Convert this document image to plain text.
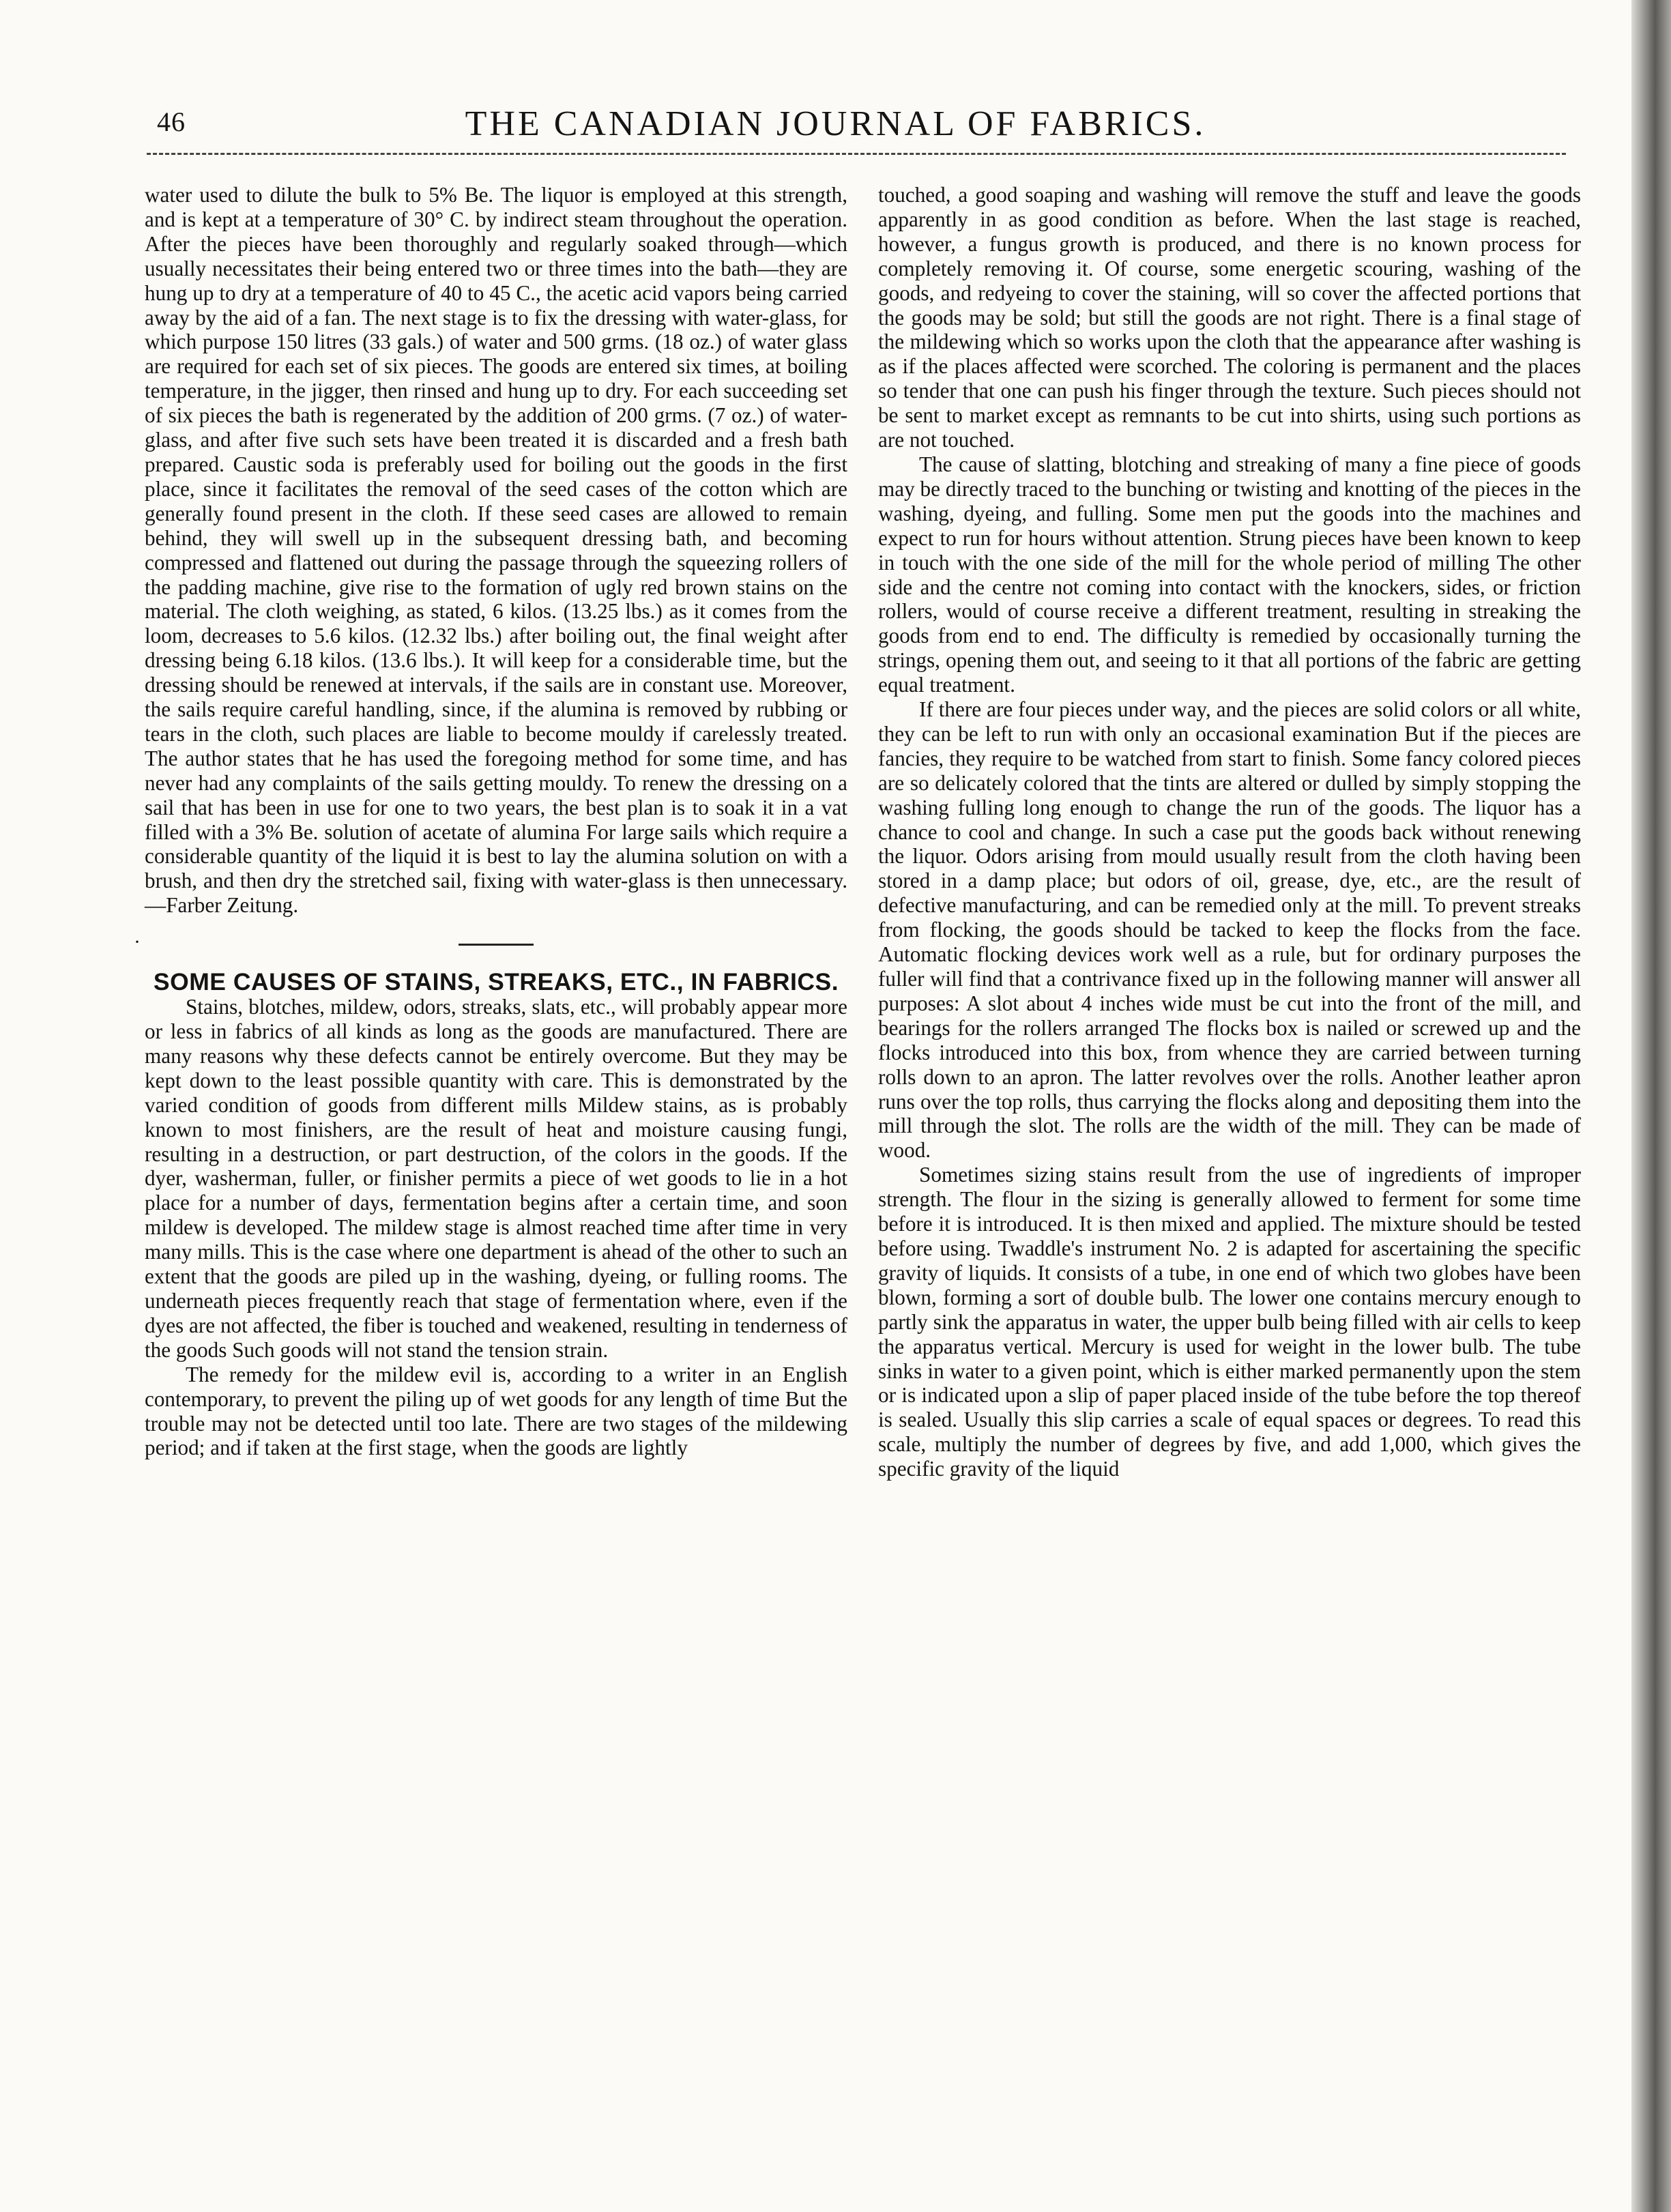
46	THE CANADIAN JOURNAL OF FABRICS.
·

water used to dilute the bulk to 5% Be. The liquor is employed at this strength, and is kept at a temperature of 30° C. by indirect steam throughout the operation. After the pieces have been thoroughly and regularly soaked through—which usually necessitates their being entered two or three times into the bath—they are hung up to dry at a temperature of 40 to 45 C., the acetic acid vapors being carried away by the aid of a fan. The next stage is to fix the dressing with water-glass, for which purpose 150 litres (33 gals.) of water and 500 grms. (18 oz.) of water glass are required for each set of six pieces. The goods are entered six times, at boiling temperature, in the jigger, then rinsed and hung up to dry. For each succeeding set of six pieces the bath is regenerated by the addition of 200 grms. (7 oz.) of water-glass, and after five such sets have been treated it is discarded and a fresh bath prepared. Caustic soda is preferably used for boiling out the goods in the first place, since it facilitates the removal of the seed cases of the cotton which are generally found present in the cloth. If these seed cases are allowed to remain behind, they will swell up in the subsequent dressing bath, and becoming compressed and flattened out during the passage through the squeezing rollers of the padding machine, give rise to the formation of ugly red brown stains on the material. The cloth weighing, as stated, 6 kilos. (13.25 lbs.) as it comes from the loom, decreases to 5.6 kilos. (12.32 lbs.) after boiling out, the final weight after dressing being 6.18 kilos. (13.6 lbs.). It will keep for a considerable time, but the dressing should be renewed at intervals, if the sails are in constant use. Moreover, the sails require careful handling, since, if the alumina is removed by rubbing or tears in the cloth, such places are liable to become mouldy if carelessly treated. The author states that he has used the foregoing method for some time, and has never had any complaints of the sails getting mouldy. To renew the dressing on a sail that has been in use for one to two years, the best plan is to soak it in a vat filled with a 3% Be. solution of acetate of alumina For large sails which require a considerable quantity of the liquid it is best to lay the alumina solution on with a brush, and then dry the stretched sail, fixing with water-glass is then unnecessary.—Farber Zeitung.

SOME CAUSES OF STAINS, STREAKS, ETC., IN FABRICS.

Stains, blotches, mildew, odors, streaks, slats, etc., will probably appear more or less in fabrics of all kinds as long as the goods are manufactured. There are many reasons why these defects cannot be entirely overcome. But they may be kept down to the least possible quantity with care. This is demonstrated by the varied condition of goods from different mills Mildew stains, as is probably known to most finishers, are the result of heat and moisture causing fungi, resulting in a destruction, or part destruction, of the colors in the goods. If the dyer, washerman, fuller, or finisher permits a piece of wet goods to lie in a hot place for a number of days, fermentation begins after a certain time, and soon mildew is developed. The mildew stage is almost reached time after time in very many mills. This is the case where one department is ahead of the other to such an extent that the goods are piled up in the washing, dyeing, or fulling rooms. The underneath pieces frequently reach that stage of fermentation where, even if the dyes are not affected, the fiber is touched and weakened, resulting in tenderness of the goods Such goods will not stand the tension strain.

The remedy for the mildew evil is, according to a writer in an English contemporary, to prevent the piling up of wet goods for any length of time But the trouble may not be detected until too late. There are two stages of the mildewing period; and if taken at the first stage, when the goods are lightly

touched, a good soaping and washing will remove the stuff and leave the goods apparently in as good condition as before. When the last stage is reached, however, a fungus growth is produced, and there is no known process for completely removing it. Of course, some energetic scouring, washing of the goods, and redyeing to cover the staining, will so cover the affected portions that the goods may be sold; but still the goods are not right. There is a final stage of the mildewing which so works upon the cloth that the appearance after washing is as if the places affected were scorched. The coloring is permanent and the places so tender that one can push his finger through the texture. Such pieces should not be sent to market except as remnants to be cut into shirts, using such portions as are not touched.

The cause of slatting, blotching and streaking of many a fine piece of goods may be directly traced to the bunching or twisting and knotting of the pieces in the washing, dyeing, and fulling. Some men put the goods into the machines and expect to run for hours without attention. Strung pieces have been known to keep in touch with the one side of the mill for the whole period of milling The other side and the centre not coming into contact with the knockers, sides, or friction rollers, would of course receive a different treatment, resulting in streaking the goods from end to end. The difficulty is remedied by occasionally turning the strings, opening them out, and seeing to it that all portions of the fabric are getting equal treatment.

If there are four pieces under way, and the pieces are solid colors or all white, they can be left to run with only an occasional examination But if the pieces are fancies, they require to be watched from start to finish. Some fancy colored pieces are so delicately colored that the tints are altered or dulled by simply stopping the washing fulling long enough to change the run of the goods. The liquor has a chance to cool and change. In such a case put the goods back without renewing the liquor. Odors arising from mould usually result from the cloth having been stored in a damp place; but odors of oil, grease, dye, etc., are the result of defective manufacturing, and can be remedied only at the mill. To prevent streaks from flocking, the goods should be tacked to keep the flocks from the face. Automatic flocking devices work well as a rule, but for ordinary purposes the fuller will find that a contrivance fixed up in the following manner will answer all purposes: A slot about 4 inches wide must be cut into the front of the mill, and bearings for the rollers arranged The flocks box is nailed or screwed up and the flocks introduced into this box, from whence they are carried between turning rolls down to an apron. The latter revolves over the rolls. Another leather apron runs over the top rolls, thus carrying the flocks along and depositing them into the mill through the slot. The rolls are the width of the mill. They can be made of wood.

Sometimes sizing stains result from the use of ingredients of improper strength. The flour in the sizing is generally allowed to ferment for some time before it is introduced. It is then mixed and applied. The mixture should be tested before using. Twaddle's instrument No. 2 is adapted for ascertaining the specific gravity of liquids. It consists of a tube, in one end of which two globes have been blown, forming a sort of double bulb. The lower one contains mercury enough to partly sink the apparatus in water, the upper bulb being filled with air cells to keep the apparatus vertical. Mercury is used for weight in the lower bulb. The tube sinks in water to a given point, which is either marked permanently upon the stem or is indicated upon a slip of paper placed inside of the tube before the top thereof is sealed. Usually this slip carries a scale of equal spaces or degrees. To read this scale, multiply the number of degrees by five, and add 1,000, which gives the specific gravity of the liquid
